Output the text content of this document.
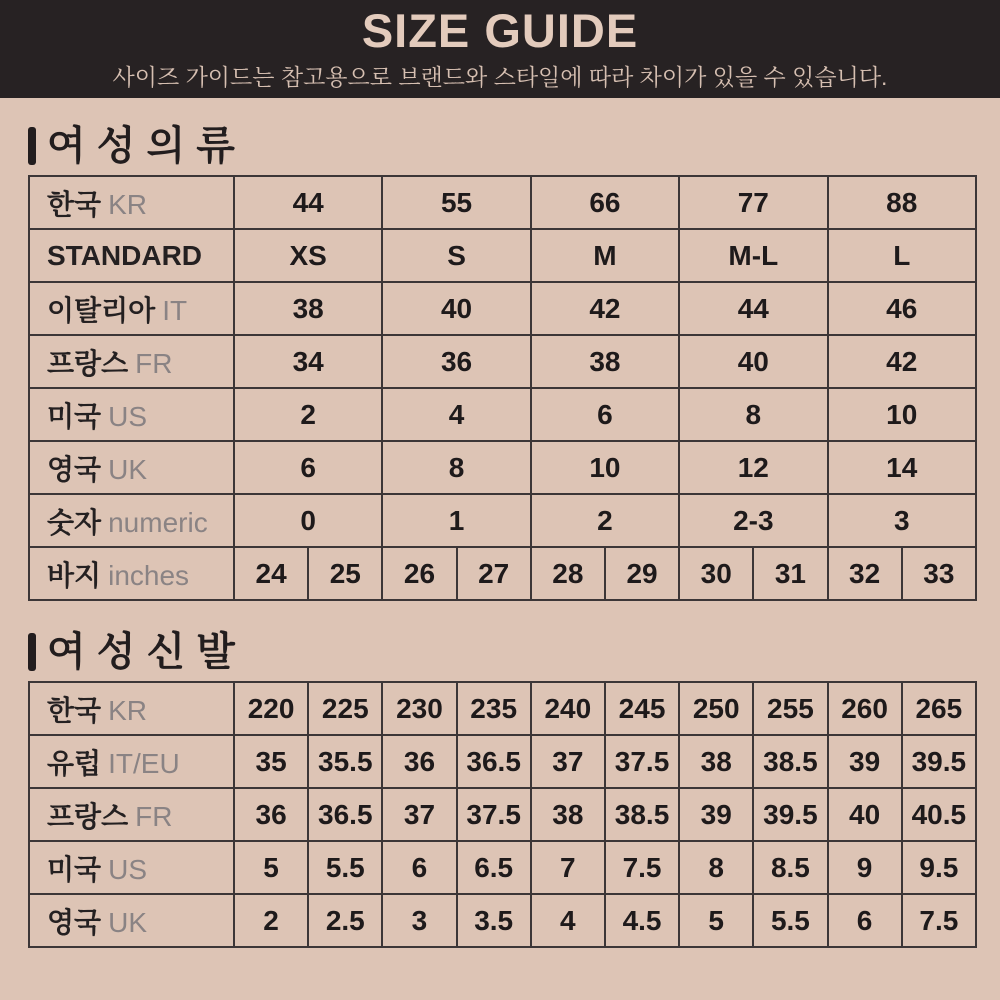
SIZE GUIDE
사이즈 가이드는 참고용으로 브랜드와 스타일에 따라 차이가 있을 수 있습니다.
여 성 의 류
한국 KR	44		55		66		77		88	
STANDARD	XS		S		M		M-L		L	
이탈리아 IT	38		40		42		44		46	
프랑스 FR	34		36		38		40		42	
미국 US	2		4		6		8		10	
영국 UK	6		8		10		12		14	
숫자 numeric	0		1		2		2-3		3	
바지 inches	24	25	26	27	28	29	30	31	32	33
여 성 신 발
한국 KR	220	225	230	235	240	245	250	255	260	265
유럽 IT/EU	35	35.5	36	36.5	37	37.5	38	38.5	39	39.5
프랑스 FR	36	36.5	37	37.5	38	38.5	39	39.5	40	40.5
미국 US	5	5.5	6	6.5	7	7.5	8	8.5	9	9.5
영국 UK	2	2.5	3	3.5	4	4.5	5	5.5	6	7.5
